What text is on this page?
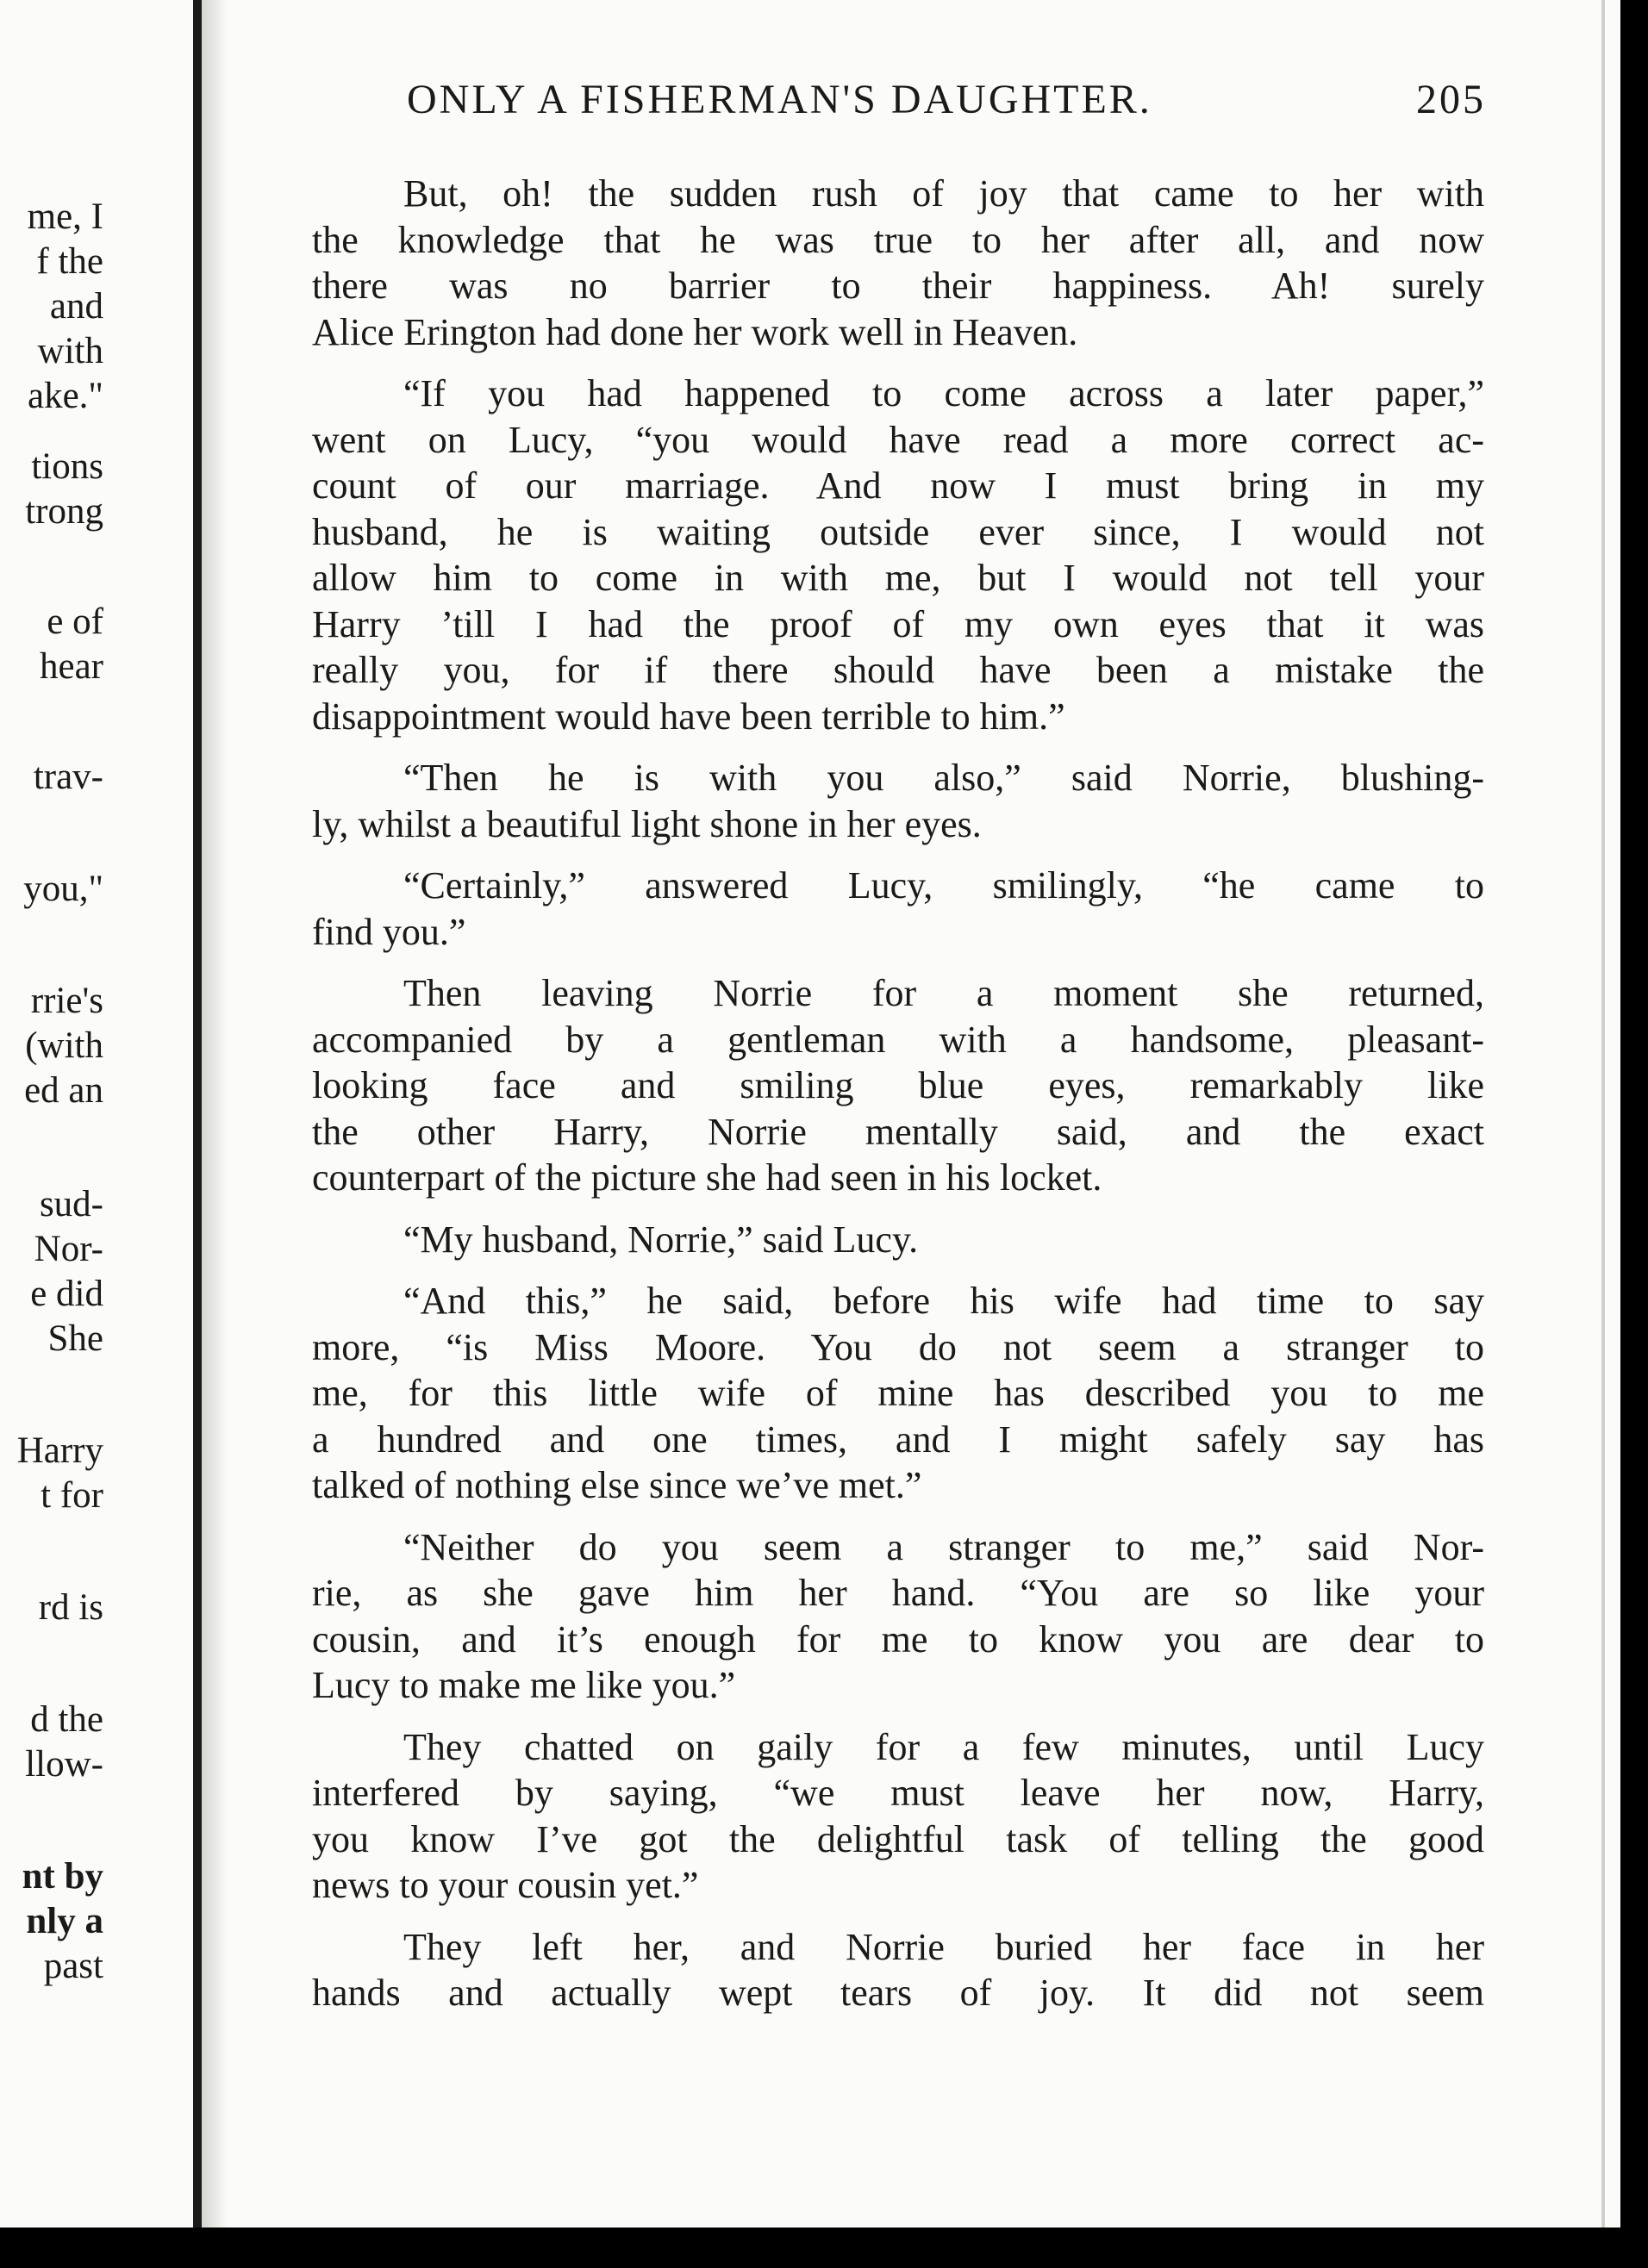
me, I
f the
and
with
ake."
tions
trong
e of
hear
trav-
you,"
rrie's
(with
ed an
sud-
Nor-
e did
She
Harry
t for
rd is
d the
llow-
nt by
nly a
past
ONLY A FISHERMAN'S DAUGHTER.	205
But, oh! the sudden rush of joy that came to her with
the knowledge that he was true to her after all, and now
there was no barrier to their happiness. Ah! surely
Alice Erington had done her work well in Heaven.
“If you had happened to come across a later paper,”
went on Lucy, “you would have read a more correct ac-
count of our marriage. And now I must bring in my
husband, he is waiting outside ever since, I would not
allow him to come in with me, but I would not tell your
Harry ’till I had the proof of my own eyes that it was
really you, for if there should have been a mistake the
disappointment would have been terrible to him.”
“Then he is with you also,” said Norrie, blushing-
ly, whilst a beautiful light shone in her eyes.
“Certainly,” answered Lucy, smilingly, “he came to
find you.”
Then leaving Norrie for a moment she returned,
accompanied by a gentleman with a handsome, pleasant-
looking face and smiling blue eyes, remarkably like
the other Harry, Norrie mentally said, and the exact
counterpart of the picture she had seen in his locket.
“My husband, Norrie,” said Lucy.
“And this,” he said, before his wife had time to say
more, “is Miss Moore. You do not seem a stranger to
me, for this little wife of mine has described you to me
a hundred and one times, and I might safely say has
talked of nothing else since we’ve met.”
“Neither do you seem a stranger to me,” said Nor-
rie, as she gave him her hand. “You are so like your
cousin, and it’s enough for me to know you are dear to
Lucy to make me like you.”
They chatted on gaily for a few minutes, until Lucy
interfered by saying, “we must leave her now, Harry,
you know I’ve got the delightful task of telling the good
news to your cousin yet.”
They left her, and Norrie buried her face in her
hands and actually wept tears of joy. It did not seem
